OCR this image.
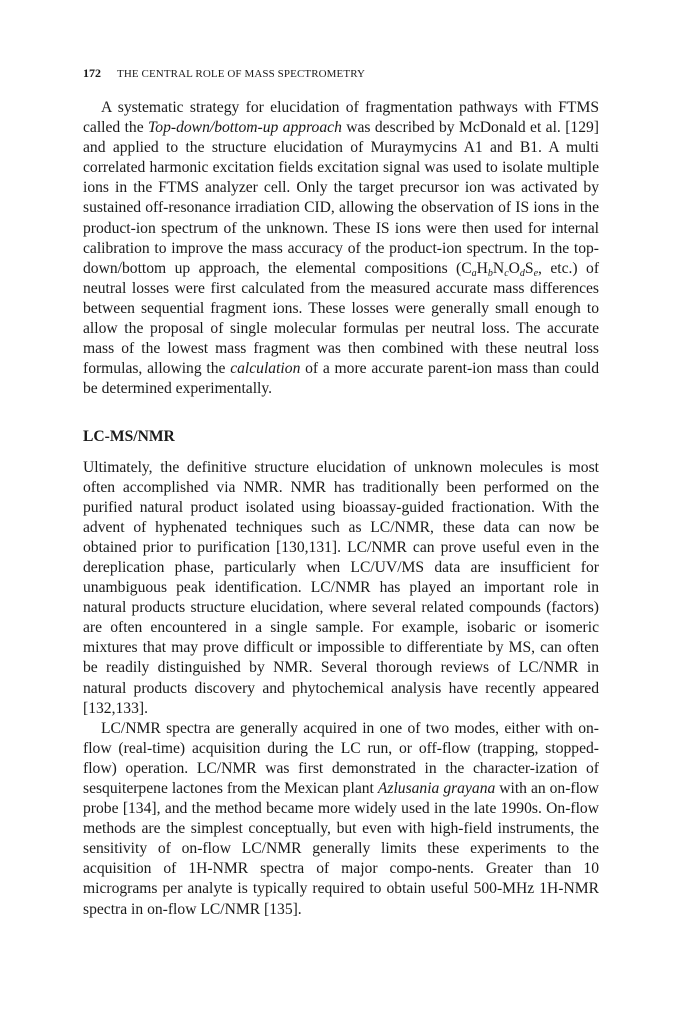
172 THE CENTRAL ROLE OF MASS SPECTROMETRY

A systematic strategy for elucidation of fragmentation pathways with FTMS called the Top-down/bottom-up approach was described by McDonald et al. [129] and applied to the structure elucidation of Muraymycins A1 and B1. A multi correlated harmonic excitation fields excitation signal was used to isolate multiple ions in the FTMS analyzer cell. Only the target precursor ion was activated by sustained off-resonance irradiation CID, allowing the observation of IS ions in the product-ion spectrum of the unknown. These IS ions were then used for internal calibration to improve the mass accuracy of the product-ion spectrum. In the top-down/bottom up approach, the elemental compositions ($C_aH_bN_cO_dS_e$, etc.) of neutral losses were first calculated from the measured accurate mass differences between sequential fragment ions. These losses were generally small enough to allow the proposal of single molecular formulas per neutral loss. The accurate mass of the lowest mass fragment was then combined with these neutral loss formulas, allowing the calculation of a more accurate parent-ion mass than could be determined experimentally.

LC-MS/NMR

Ultimately, the definitive structure elucidation of unknown molecules is most often accomplished via NMR. NMR has traditionally been performed on the purified natural product isolated using bioassay-guided fractionation. With the advent of hyphenated techniques such as LC/NMR, these data can now be obtained prior to purification [130,131]. LC/NMR can prove useful even in the dereplication phase, particularly when LC/UV/MS data are insufficient for unambiguous peak identification. LC/NMR has played an important role in natural products structure elucidation, where several related compounds (factors) are often encountered in a single sample. For example, isobaric or isomeric mixtures that may prove difficult or impossible to differentiate by MS, can often be readily distinguished by NMR. Several thorough reviews of LC/NMR in natural products discovery and phytochemical analysis have recently appeared [132,133].

LC/NMR spectra are generally acquired in one of two modes, either with on-flow (real-time) acquisition during the LC run, or off-flow (trapping, stopped-flow) operation. LC/NMR was first demonstrated in the character-ization of sesquiterpene lactones from the Mexican plant Azlusania grayana with an on-flow probe [134], and the method became more widely used in the late 1990s. On-flow methods are the simplest conceptually, but even with high-field instruments, the sensitivity of on-flow LC/NMR generally limits these experiments to the acquisition of 1H-NMR spectra of major compo-nents. Greater than 10 micrograms per analyte is typically required to obtain useful 500-MHz 1H-NMR spectra in on-flow LC/NMR [135].
